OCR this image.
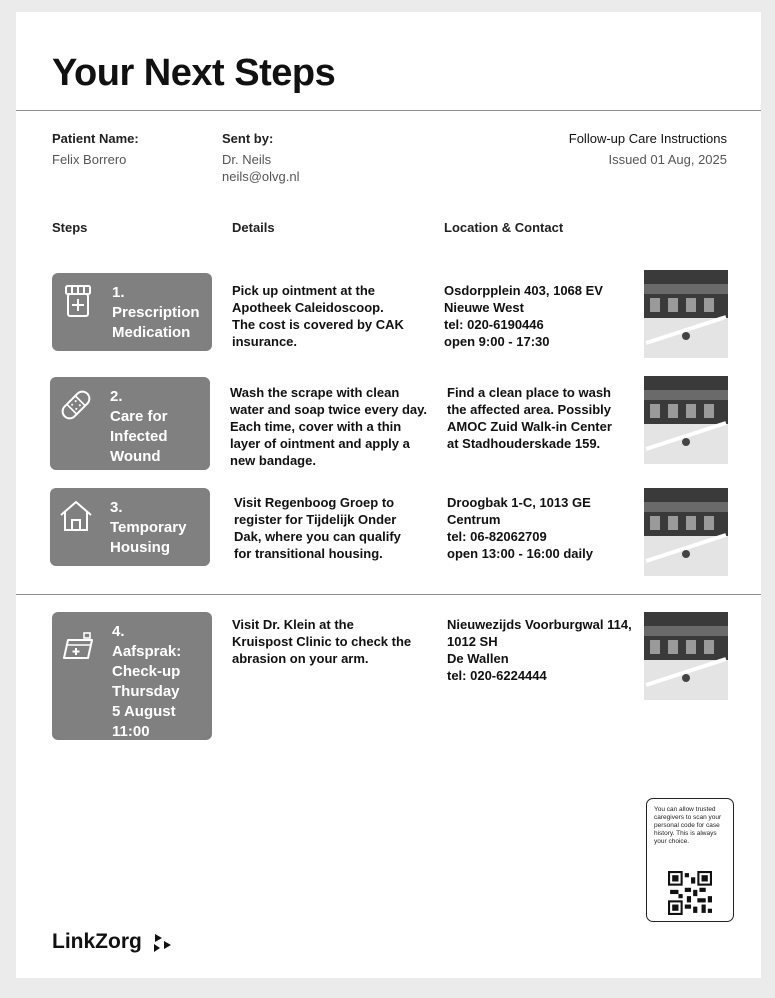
Your Next Steps
Patient Name:
Felix Borrero
Sent by:
Dr. Neils
neils@olvg.nl
Follow-up Care Instructions
Issued 01 Aug, 2025
Steps	Details	Location & Contact
1.
Prescription
Medication
Pick up ointment at the
Apotheek Caleidoscoop.
The cost is covered by CAK
insurance.
Osdorpplein 403, 1068 EV
Nieuwe West
tel: 020-6190446
open 9:00 - 17:30
2.
Care for
Infected
Wound
Wash the scrape with clean
water and soap twice every day.
Each time, cover with a thin
layer of ointment and apply a
new bandage.
Find a clean place to wash
the affected area. Possibly
AMOC Zuid Walk-in Center
at Stadhouderskade 159.
3.
Temporary
Housing
Visit Regenboog Groep to
register for Tijdelijk Onder
Dak, where you can qualify
for transitional housing.
Droogbak 1-C, 1013 GE
Centrum
tel: 06-82062709
open 13:00 - 16:00 daily
4.
Aafsprak:
Check-up
Thursday
5 August
11:00
Visit Dr. Klein at the
Kruispost Clinic to check the
abrasion on your arm.
Nieuwezijds Voorburgwal 114,
1012 SH
De Wallen
tel: 020-6224444
You can allow trusted caregivers to scan your personal code for case history. This is always your choice.
LinkZorg
